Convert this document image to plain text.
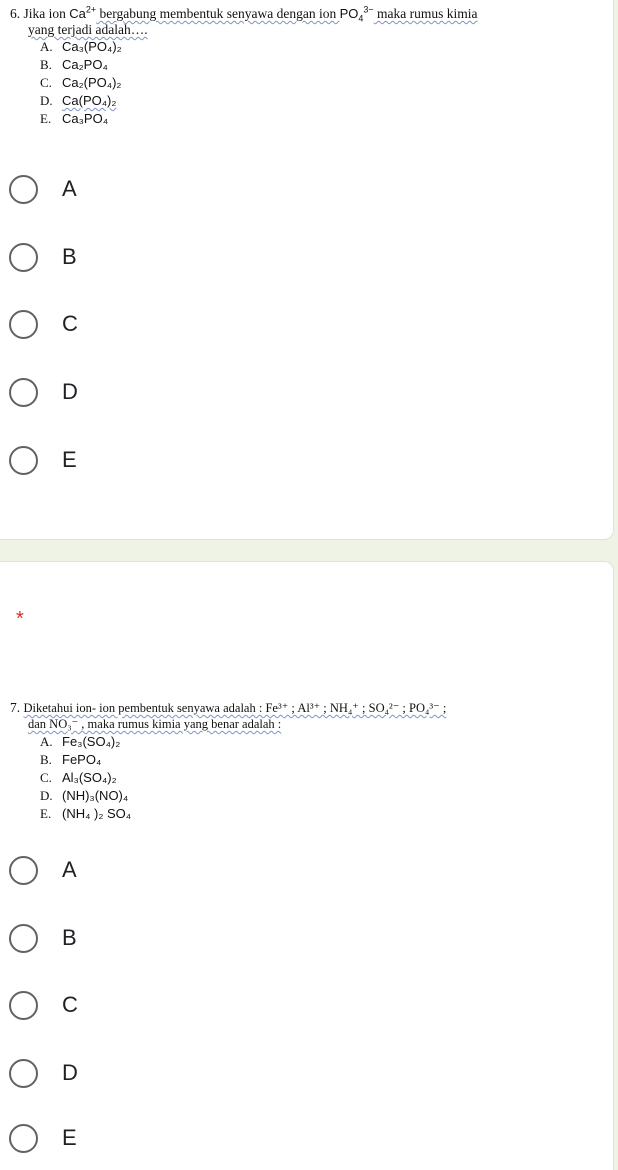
6. Jika ion $Ca^{2+}$ bergabung membentuk senyawa dengan ion $PO_4^{3-}$ maka rumus kimia
yang terjadi adalah….
A. Ca₃(PO₄)₂
B. Ca₂PO₄
C. Ca₂(PO₄)₂
D. Ca(PO₄)₂
E. Ca₃PO₄
A
B
C
D
E
*
7. Diketahui ion- ion pembentuk senyawa adalah : Fe³⁺ ; Al³⁺ ; NH₄⁺ ; SO₄²⁻ ; PO₄³⁻ ;
dan NO₃⁻ , maka rumus kimia yang benar adalah :
A. Fe₃(SO₄)₂
B. FePO₄
C. Al₃(SO₄)₂
D. (NH)₃(NO)₄
E. (NH₄ )₂ SO₄
A
B
C
D
E
